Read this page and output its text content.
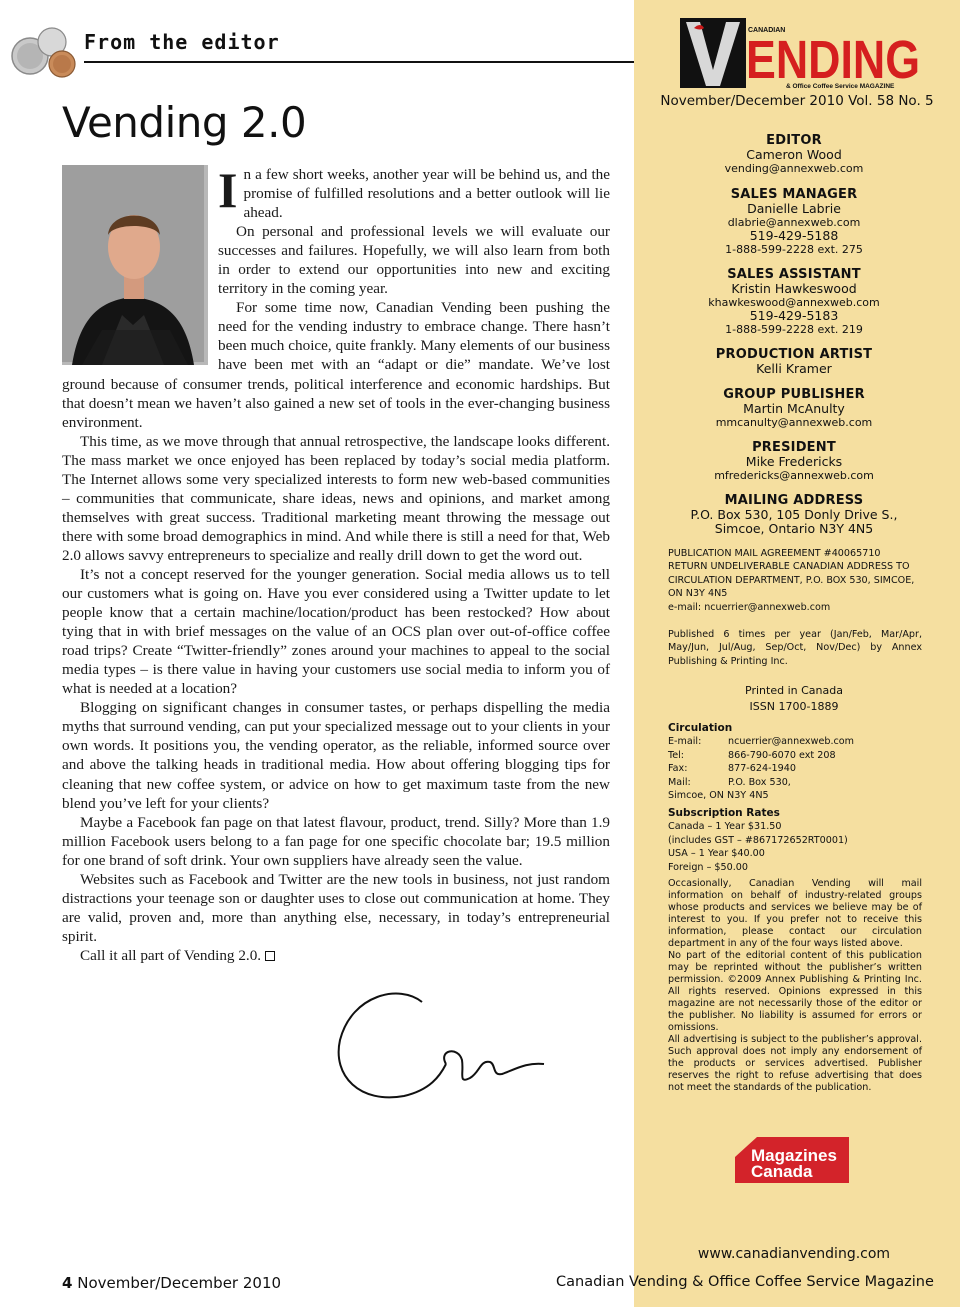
From the editor
Vending 2.0

In a few short weeks, another year will be behind us, and the promise of fulfilled resolutions and a better outlook will lie ahead.

On personal and professional levels we will evaluate our successes and failures. Hopefully, we will also learn from both in order to extend our opportunities into new and exciting territory in the coming year.

For some time now, Canadian Vending been pushing the need for the vending industry to embrace change. There hasn’t been much choice, quite frankly. Many elements of our business have been met with an “adapt or die” mandate. We’ve lost ground because of consumer trends, political interference and economic hardships. But that doesn’t mean we haven’t also gained a new set of tools in the ever-changing business environment.

This time, as we move through that annual retrospective, the landscape looks different. The mass market we once enjoyed has been replaced by today’s social media platform. The Internet allows some very specialized interests to form new web-based communities – communities that communicate, share ideas, news and opinions, and market among themselves with great success. Traditional marketing meant throwing the message out there with some broad demographics in mind. And while there is still a need for that, Web 2.0 allows savvy entrepreneurs to specialize and really drill down to get the word out.

It’s not a concept reserved for the younger generation. Social media allows us to tell our customers what is going on. Have you ever considered using a Twitter update to let people know that a certain machine/location/product has been restocked? How about tying that in with brief messages on the value of an OCS plan over out-of-office coffee road trips? Create “Twitter-friendly” zones around your machines to appeal to the social media types – is there value in having your customers use social media to inform you of what is needed at a location?

Blogging on significant changes in consumer tastes, or perhaps dispelling the media myths that surround vending, can put your specialized message out to your clients in your own words. It positions you, the vending operator, as the reliable, informed source over and above the talking heads in traditional media. How about offering blogging tips for cleaning that new coffee system, or advice on how to get maximum taste from the new blend you’ve left for your clients?

Maybe a Facebook fan page on that latest flavour, product, trend. Silly? More than 1.9 million Facebook users belong to a fan page for one specific chocolate bar; 19.5 million for one brand of soft drink. Your own suppliers have already seen the value.

Websites such as Facebook and Twitter are the new tools in business, not just random distractions your teenage son or daughter uses to close out communication at home. They are valid, proven and, more than anything else, necessary, in today’s entrepreneurial spirit.

Call it all part of Vending 2.0.

4 November/December 2010
CANADIAN
ENDING
& Office Coffee Service MAGAZINE
November/December 2010 Vol. 58 No. 5
EDITOR
Cameron Wood
vending@annexweb.com
SALES MANAGER
Danielle Labrie
dlabrie@annexweb.com
519-429-5188
1-888-599-2228 ext. 275
SALES ASSISTANT
Kristin Hawkeswood
khawkeswood@annexweb.com
519-429-5183
1-888-599-2228 ext. 219
PRODUCTION ARTIST
Kelli Kramer
GROUP PUBLISHER
Martin McAnulty
mmcanulty@annexweb.com
PRESIDENT
Mike Fredericks
mfredericks@annexweb.com
MAILING ADDRESS
P.O. Box 530, 105 Donly Drive S.,
Simcoe, Ontario N3Y 4N5
PUBLICATION MAIL AGREEMENT #40065710
RETURN UNDELIVERABLE CANADIAN ADDRESS TO
CIRCULATION DEPARTMENT, P.O. BOX 530, SIMCOE,
ON N3Y 4N5
e-mail: ncuerrier@annexweb.com
Published 6 times per year (Jan/Feb, Mar/Apr, May/Jun, Jul/Aug, Sep/Oct, Nov/Dec) by Annex Publishing & Printing Inc.
Printed in Canada
ISSN 1700-1889
Circulation
E-mail:	ncuerrier@annexweb.com
Tel:	866-790-6070 ext 208
Fax:	877-624-1940
Mail:	P.O. Box 530,
Simcoe, ON N3Y 4N5
Subscription Rates
Canada – 1 Year $31.50
(includes GST – #867172652RT0001)
USA – 1 Year $40.00
Foreign – $50.00
Occasionally, Canadian Vending will mail information on behalf of industry-related groups whose products and services we believe may be of interest to you. If you prefer not to receive this information, please contact our circulation department in any of the four ways listed above.
No part of the editorial content of this publication may be reprinted without the publisher’s written permission. ©2009 Annex Publishing & Printing Inc. All rights reserved. Opinions expressed in this magazine are not necessarily those of the editor or the publisher. No liability is assumed for errors or omissions.
All advertising is subject to the publisher’s approval. Such approval does not imply any endorsement of the products or services advertised. Publisher reserves the right to refuse advertising that does not meet the standards of the publication.
Magazines
Canada
www.canadianvending.com
Canadian Vending & Office Coffee Service Magazine
